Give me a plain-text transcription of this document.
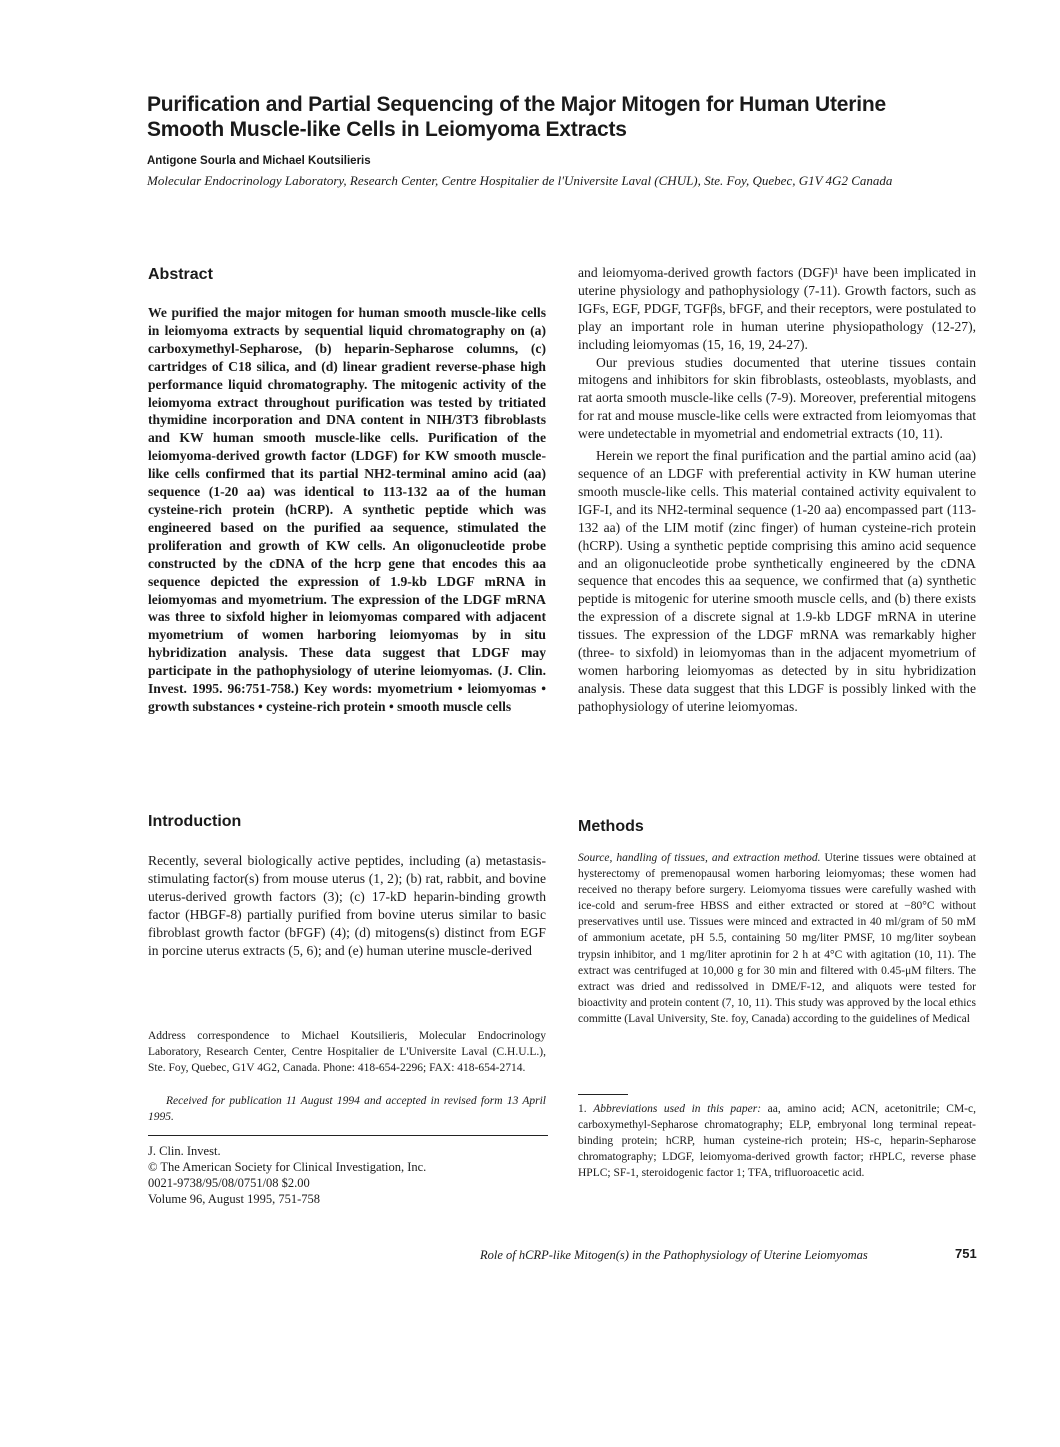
Purification and Partial Sequencing of the Major Mitogen for Human Uterine Smooth Muscle-like Cells in Leiomyoma Extracts
Antigone Sourla and Michael Koutsilieris
Molecular Endocrinology Laboratory, Research Center, Centre Hospitalier de l'Universite Laval (CHUL), Ste. Foy, Quebec, G1V 4G2 Canada
Abstract
We purified the major mitogen for human smooth muscle-like cells in leiomyoma extracts by sequential liquid chromatography on (a) carboxymethyl-Sepharose, (b) heparin-Sepharose columns, (c) cartridges of C18 silica, and (d) linear gradient reverse-phase high performance liquid chromatography. The mitogenic activity of the leiomyoma extract throughout purification was tested by tritiated thymidine incorporation and DNA content in NIH/3T3 fibroblasts and KW human smooth muscle-like cells. Purification of the leiomyoma-derived growth factor (LDGF) for KW smooth muscle-like cells confirmed that its partial NH2-terminal amino acid (aa) sequence (1-20 aa) was identical to 113-132 aa of the human cysteine-rich protein (hCRP). A synthetic peptide which was engineered based on the purified aa sequence, stimulated the proliferation and growth of KW cells. An oligonucleotide probe constructed by the cDNA of the hcrp gene that encodes this aa sequence depicted the expression of 1.9-kb LDGF mRNA in leiomyomas and myometrium. The expression of the LDGF mRNA was three to sixfold higher in leiomyomas compared with adjacent myometrium of women harboring leiomyomas by in situ hybridization analysis. These data suggest that LDGF may participate in the pathophysiology of uterine leiomyomas. (J. Clin. Invest. 1995. 96:751-758.) Key words: myometrium • leiomyomas • growth substances • cysteine-rich protein • smooth muscle cells
Introduction

Recently, several biologically active peptides, including (a) metastasis-stimulating factor(s) from mouse uterus (1, 2); (b) rat, rabbit, and bovine uterus-derived growth factors (3); (c) 17-kD heparin-binding growth factor (HBGF-8) partially purified from bovine uterus similar to basic fibroblast growth factor (bFGF) (4); (d) mitogens(s) distinct from EGF in porcine uterus extracts (5, 6); and (e) human uterine muscle-derived

Address correspondence to Michael Koutsilieris, Molecular Endocrinology Laboratory, Research Center, Centre Hospitalier de L'Universite Laval (C.H.U.L.), Ste. Foy, Quebec, G1V 4G2, Canada. Phone: 418-654-2296; FAX: 418-654-2714.
Received for publication 11 August 1994 and accepted in revised form 13 April 1995.
J. Clin. Invest.
© The American Society for Clinical Investigation, Inc.
0021-9738/95/08/0751/08 $2.00
Volume 96, August 1995, 751-758

and leiomyoma-derived growth factors (DGF)¹ have been implicated in uterine physiology and pathophysiology (7-11). Growth factors, such as IGFs, EGF, PDGF, TGFβs, bFGF, and their receptors, were postulated to play an important role in human uterine physiopathology (12-27), including leiomyomas (15, 16, 19, 24-27).

Our previous studies documented that uterine tissues contain mitogens and inhibitors for skin fibroblasts, osteoblasts, myoblasts, and rat aorta smooth muscle-like cells (7-9). Moreover, preferential mitogens for rat and mouse muscle-like cells were extracted from leiomyomas that were undetectable in myometrial and endometrial extracts (10, 11).

Herein we report the final purification and the partial amino acid (aa) sequence of an LDGF with preferential activity in KW human uterine smooth muscle-like cells. This material contained activity equivalent to IGF-I, and its NH2-terminal sequence (1-20 aa) encompassed part (113-132 aa) of the LIM motif (zinc finger) of human cysteine-rich protein (hCRP). Using a synthetic peptide comprising this amino acid sequence and an oligonucleotide probe synthetically engineered by the cDNA sequence that encodes this aa sequence, we confirmed that (a) synthetic peptide is mitogenic for uterine smooth muscle cells, and (b) there exists the expression of a discrete signal at 1.9-kb LDGF mRNA in uterine tissues. The expression of the LDGF mRNA was remarkably higher (three- to sixfold) in leiomyomas than in the adjacent myometrium of women harboring leiomyomas as detected by in situ hybridization analysis. These data suggest that this LDGF is possibly linked with the pathophysiology of uterine leiomyomas.

Methods
Source, handling of tissues, and extraction method. Uterine tissues were obtained at hysterectomy of premenopausal women harboring leiomyomas; these women had received no therapy before surgery. Leiomyoma tissues were carefully washed with ice-cold and serum-free HBSS and either extracted or stored at −80°C without preservatives until use. Tissues were minced and extracted in 40 ml/gram of 50 mM of ammonium acetate, pH 5.5, containing 50 mg/liter PMSF, 10 mg/liter soybean trypsin inhibitor, and 1 mg/liter aprotinin for 2 h at 4°C with agitation (10, 11). The extract was centrifuged at 10,000 g for 30 min and filtered with 0.45-μM filters. The extract was dried and redissolved in DME/F-12, and aliquots were tested for bioactivity and protein content (7, 10, 11). This study was approved by the local ethics committe (Laval University, Ste. foy, Canada) according to the guidelines of Medical
1. Abbreviations used in this paper: aa, amino acid; ACN, acetonitrile; CM-c, carboxymethyl-Sepharose chromatography; ELP, embryonal long terminal repeat-binding protein; hCRP, human cysteine-rich protein; HS-c, heparin-Sepharose chromatography; LDGF, leiomyoma-derived growth factor; rHPLC, reverse phase HPLC; SF-1, steroidogenic factor 1; TFA, trifluoroacetic acid.
Role of hCRP-like Mitogen(s) in the Pathophysiology of Uterine Leiomyomas	751
